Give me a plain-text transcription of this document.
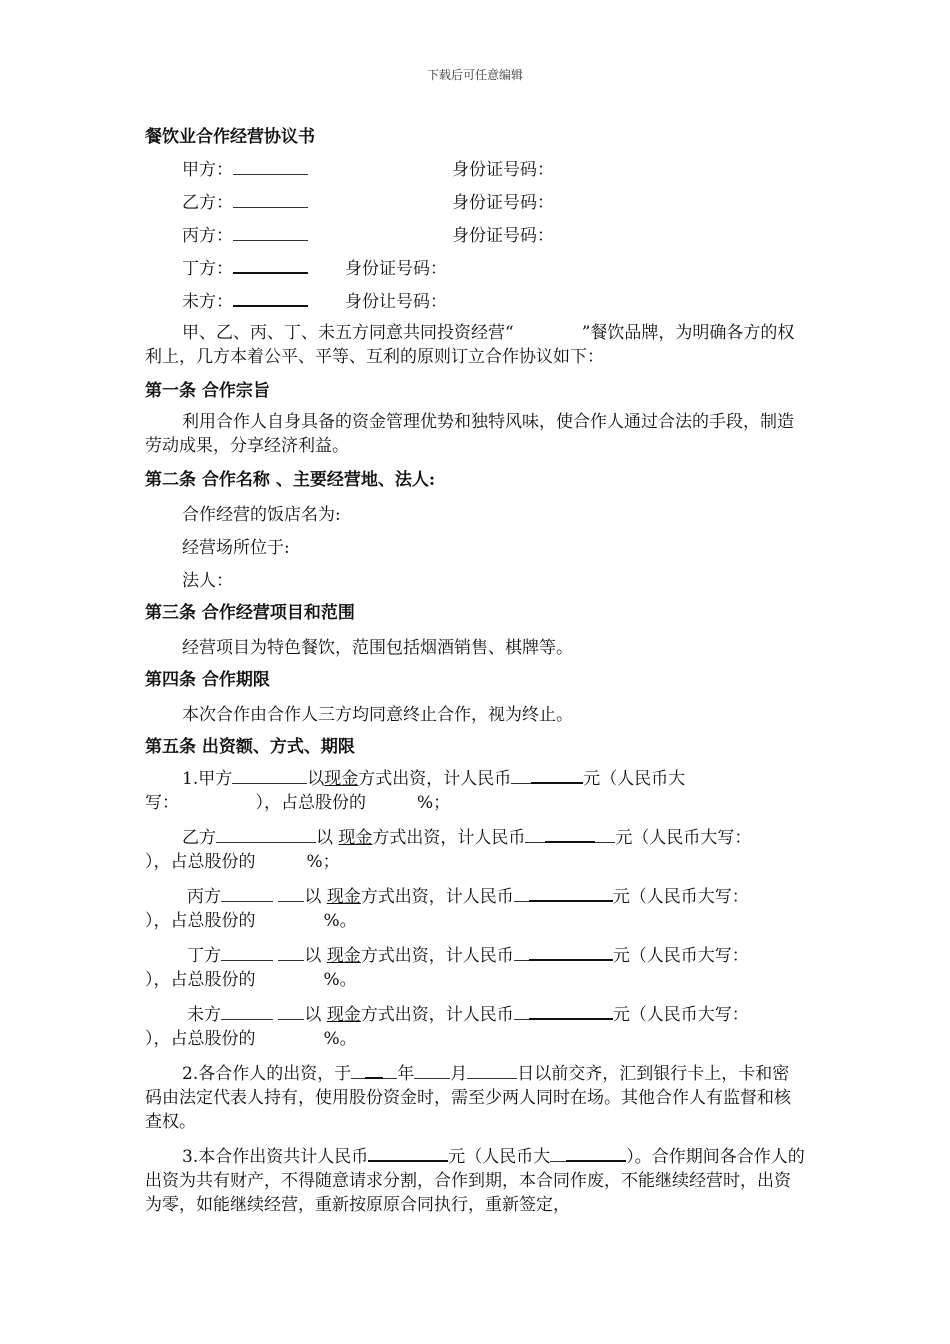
下载后可任意编辑
餐饮业合作经营协议书
甲方：	身份证号码：
乙方：	身份证号码：
丙方：	身份证号码：
丁方：	身份证号码：
未方：	身份让号码：

甲、乙、丙、丁、未五方同意共同投资经营“　　　　”餐饮品牌，为明确各方的权利上，几方本着公平、平等、互利的原则订立合作协议如下：

第一条 合作宗旨

利用合作人自身具备的资金管理优势和独特风味，使合作人通过合法的手段，制造劳动成果，分享经济利益。

第二条 合作名称 、主要经营地、法人:
合作经营的饭店名为:
经营场所位于:
法人：
第三条 合作经营项目和范围
经营项目为特色餐饮，范围包括烟酒销售、棋牌等。
第四条 合作期限
本次合作由合作人三方均同意终止合作，视为终止。
第五条 出资额、方式、期限

1.甲方	以现金方式出资，计人民币	元（人民币大写：　　　　　	），占总股份的　　　	%；

乙方	以 现金方式出资，计人民币	元（人民币大写：　　　　　），占总股份的　　　	%；

丙方	以 现金方式出资，计人民币	元（人民币大写：　　　　　），占总股份的　　　　	%。

丁方	以 现金方式出资，计人民币	元（人民币大写：　　　　　），占总股份的　　　　	%。

未方	以 现金方式出资，计人民币	元（人民币大写：　　　　　），占总股份的　　　　	%。

2.各合作人的出资，于	年 月	日以前交齐，汇到银行卡上，卡和密码由法定代表人持有，使用股份资金时，需至少两人同时在场。其他合作人有监督和核查权。

3.本合作出资共计人民币	元（人民币大	）。合作期间各合作人的出资为共有财产，不得随意请求分割，合作到期，本合同作废，不能继续经营时，出资为零，如能继续经营，重新按原原合同执行，重新签定，
